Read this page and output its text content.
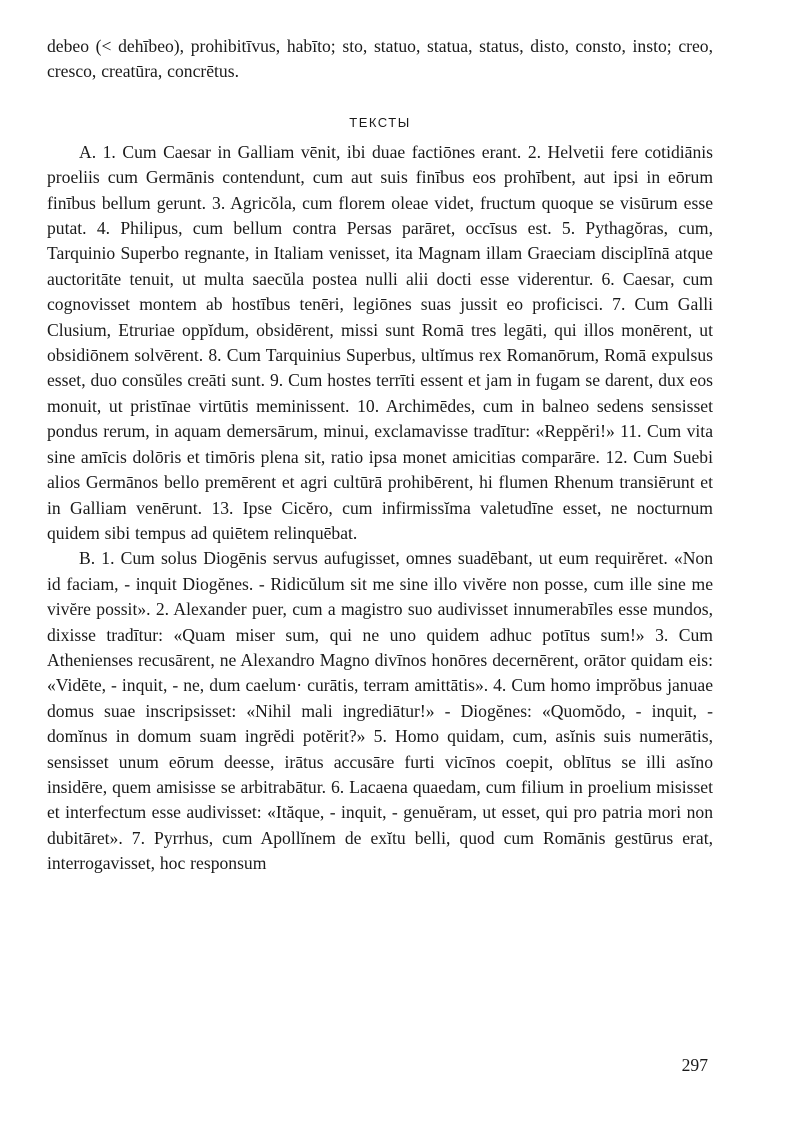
debeo (< dehībeo), prohibitīvus, habīto; sto, statuo, statua, status, disto, consto, insto; creo, cresco, creatūra, concrētus.

ТЕКСТЫ

А. 1. Cum Caesar in Galliam vēnit, ibi duae factiōnes erant. 2. Helvetii fere cotidiānis proeliis cum Germānis contendunt, cum aut suis finībus eos prohībent, aut ipsi in eōrum finībus bellum gerunt. 3. Agricŏla, cum florem oleae videt, fructum quoque se visūrum esse putat. 4. Philipus, cum bellum contra Persas parāret, occīsus est. 5. Pythagŏras, cum, Tarquinio Superbo regnante, in Italiam venisset, ita Magnam illam Graeciam disciplīnā atque auctoritāte tenuit, ut multa saecŭla postea nulli alii docti esse viderentur. 6. Caesar, cum cognovisset montem ab hostībus tenēri, legiōnes suas jussit eo proficisci. 7. Cum Galli Clusium, Etruriae oppĭdum, obsidērent, missi sunt Romā tres legāti, qui illos monērent, ut obsidiōnem solvērent. 8. Cum Tarquinius Superbus, ultĭmus rex Romanōrum, Romā expulsus esset, duo consŭles creāti sunt. 9. Cum hostes terrīti essent et jam in fugam se darent, dux eos monuit, ut pristīnae virtūtis meminissent. 10. Archimēdes, cum in balneo sedens sensisset pondus rerum, in aquam demersārum, minui, exclamavisse tradītur: «Reppĕri!» 11. Cum vita sine amīcis dolōris et timōris plena sit, ratio ipsa monet amicitias comparāre. 12. Cum Suebi alios Germānos bello premērent et agri cultūrā prohibērent, hi flumen Rhenum transiērunt et in Galliam venērunt. 13. Ipse Cicĕro, cum infirmissĭma valetudīne esset, ne nocturnum quidem sibi tempus ad quiētem relinquēbat.

В. 1. Cum solus Diogēnis servus aufugisset, omnes suadēbant, ut eum requirĕret. «Non id faciam, - inquit Diogĕnes. - Ridicŭlum sit me sine illo vivĕre non posse, cum ille sine me vivĕre possit». 2. Alexander puer, cum a magistro suo audivisset innumerabīles esse mundos, dixisse tradītur: «Quam miser sum, qui ne uno quidem adhuc potītus sum!» 3. Cum Athenienses recusārent, ne Alexandro Magno divīnos honōres decernērent, orātor quidam eis: «Vidēte, - inquit, - ne, dum caelum· curātis, terram amittātis». 4. Cum homo imprŏbus januae domus suae inscripsisset: «Nihil mali ingrediātur!» - Diogĕnes: «Quomŏdo, - inquit, - domĭnus in domum suam ingrĕdi potĕrit?» 5. Homo quidam, cum, asĭnis suis numerātis, sensisset unum eōrum deesse, irātus accusāre furti vicīnos coepit, oblītus se illi asĭno insidēre, quem amisisse se arbitrabātur. 6. Lacaena quaedam, cum filium in proelium misisset et interfectum esse audivisset: «Ităque, - inquit, - genuĕram, ut esset, qui pro patria mori non dubitāret». 7. Pyrrhus, cum Apollĭnem de exĭtu belli, quod cum Romānis gestūrus erat, interrogavisset, hoc responsum

297
